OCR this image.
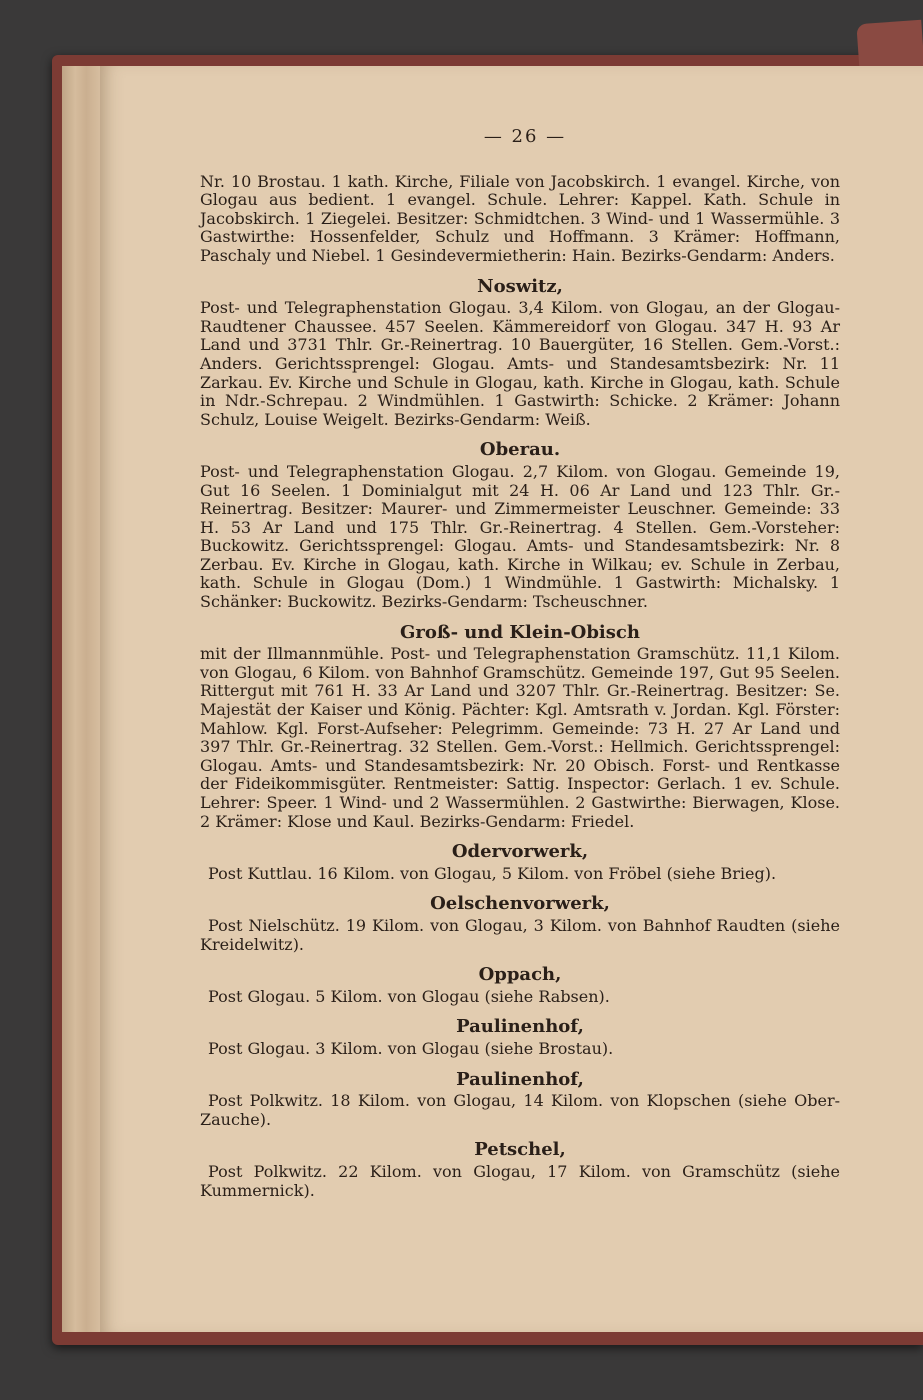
— 26 —

Nr. 10 Brostau. 1 kath. Kirche, Filiale von Jacobskirch. 1 evangel. Kirche, von Glogau aus bedient. 1 evangel. Schule. Lehrer: Kappel. Kath. Schule in Jacobskirch. 1 Ziegelei. Besitzer: Schmidtchen. 3 Wind- und 1 Wassermühle. 3 Gastwirthe: Hossenfelder, Schulz und Hoffmann. 3 Krämer: Hoffmann, Paschaly und Niebel. 1 Gesindevermietherin: Hain. Bezirks-Gendarm: Anders.

Noswitz,

Post- und Telegraphenstation Glogau. 3,4 Kilom. von Glogau, an der Glogau-Raudtener Chaussee. 457 Seelen. Kämmereidorf von Glogau. 347 H. 93 Ar Land und 3731 Thlr. Gr.-Reinertrag. 10 Bauergüter, 16 Stellen. Gem.-Vorst.: Anders. Gerichtssprengel: Glogau. Amts- und Standesamtsbezirk: Nr. 11 Zarkau. Ev. Kirche und Schule in Glogau, kath. Kirche in Glogau, kath. Schule in Ndr.-Schrepau. 2 Windmühlen. 1 Gastwirth: Schicke. 2 Krämer: Johann Schulz, Louise Weigelt. Bezirks-Gendarm: Weiß.

Oberau.

Post- und Telegraphenstation Glogau. 2,7 Kilom. von Glogau. Gemeinde 19, Gut 16 Seelen. 1 Dominialgut mit 24 H. 06 Ar Land und 123 Thlr. Gr.-Reinertrag. Besitzer: Maurer- und Zimmermeister Leuschner. Gemeinde: 33 H. 53 Ar Land und 175 Thlr. Gr.-Reinertrag. 4 Stellen. Gem.-Vorsteher: Buckowitz. Gerichtssprengel: Glogau. Amts- und Standesamtsbezirk: Nr. 8 Zerbau. Ev. Kirche in Glogau, kath. Kirche in Wilkau; ev. Schule in Zerbau, kath. Schule in Glogau (Dom.) 1 Windmühle. 1 Gastwirth: Michalsky. 1 Schänker: Buckowitz. Bezirks-Gendarm: Tscheuschner.

Groß- und Klein-Obisch

mit der Illmannmühle. Post- und Telegraphenstation Gramschütz. 11,1 Kilom. von Glogau, 6 Kilom. von Bahnhof Gramschütz. Gemeinde 197, Gut 95 Seelen. Rittergut mit 761 H. 33 Ar Land und 3207 Thlr. Gr.-Reinertrag. Besitzer: Se. Majestät der Kaiser und König. Pächter: Kgl. Amtsrath v. Jordan. Kgl. Förster: Mahlow. Kgl. Forst-Aufseher: Pelegrimm. Gemeinde: 73 H. 27 Ar Land und 397 Thlr. Gr.-Reinertrag. 32 Stellen. Gem.-Vorst.: Hellmich. Gerichtssprengel: Glogau. Amts- und Standesamtsbezirk: Nr. 20 Obisch. Forst- und Rentkasse der Fideikommisgüter. Rentmeister: Sattig. Inspector: Gerlach. 1 ev. Schule. Lehrer: Speer. 1 Wind- und 2 Wassermühlen. 2 Gastwirthe: Bierwagen, Klose. 2 Krämer: Klose und Kaul. Bezirks-Gendarm: Friedel.

Odervorwerk,

Post Kuttlau. 16 Kilom. von Glogau, 5 Kilom. von Fröbel (siehe Brieg).

Oelschenvorwerk,

Post Nielschütz. 19 Kilom. von Glogau, 3 Kilom. von Bahnhof Raudten (siehe Kreidelwitz).

Oppach,

Post Glogau. 5 Kilom. von Glogau (siehe Rabsen).

Paulinenhof,

Post Glogau. 3 Kilom. von Glogau (siehe Brostau).

Paulinenhof,

Post Polkwitz. 18 Kilom. von Glogau, 14 Kilom. von Klopschen (siehe Ober-Zauche).

Petschel,

Post Polkwitz. 22 Kilom. von Glogau, 17 Kilom. von Gramschütz (siehe Kummernick).
